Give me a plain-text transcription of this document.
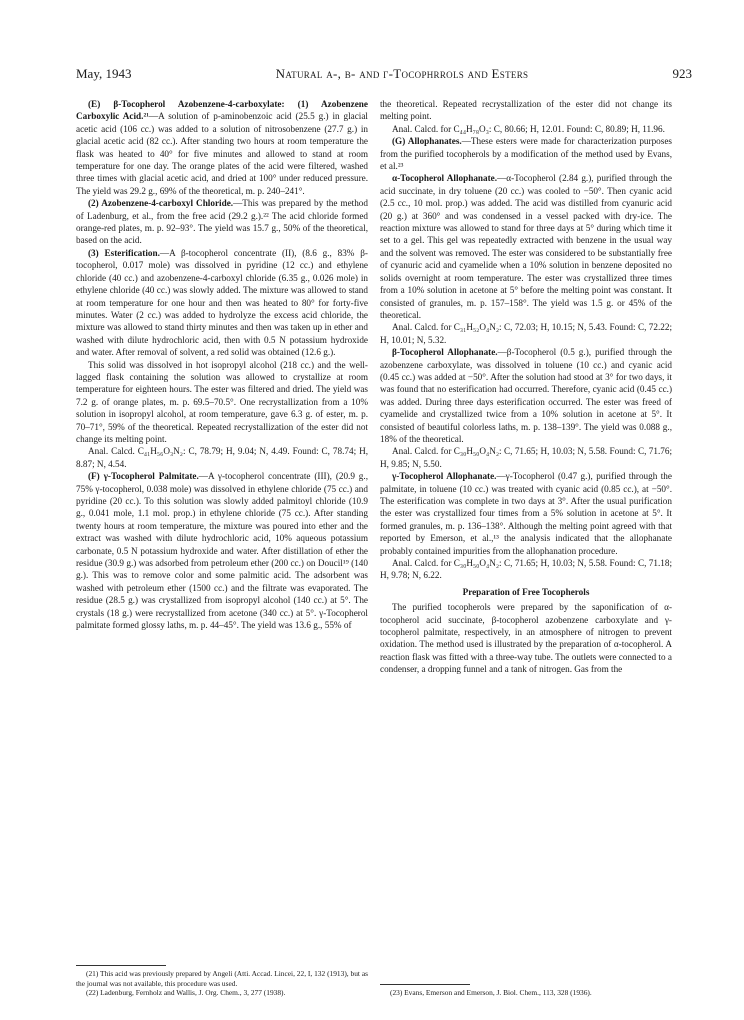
May, 1943	Natural α-, β- and γ-Tocophrrols and Esters	923

(E) β-Tocopherol Azobenzene-4-carboxylate: (1) Azobenzene Carboxylic Acid.²¹—A solution of p-aminobenzoic acid (25.5 g.) in glacial acetic acid (106 cc.) was added to a solution of nitrosobenzene (27.7 g.) in glacial acetic acid (82 cc.). After standing two hours at room temperature the flask was heated to 40° for five minutes and allowed to stand at room temperature for one day. The orange plates of the acid were filtered, washed three times with glacial acetic acid, and dried at 100° under reduced pressure. The yield was 29.2 g., 69% of the theoretical, m. p. 240–241°.

(2) Azobenzene-4-carboxyl Chloride.—This was prepared by the method of Ladenburg, et al., from the free acid (29.2 g.).²² The acid chloride formed orange-red plates, m. p. 92–93°. The yield was 15.7 g., 50% of the theoretical, based on the acid.

(3) Esterification.—A β-tocopherol concentrate (II), (8.6 g., 83% β-tocopherol, 0.017 mole) was dissolved in pyridine (12 cc.) and ethylene chloride (40 cc.) and azobenzene-4-carboxyl chloride (6.35 g., 0.026 mole) in ethylene chloride (40 cc.) was slowly added. The mixture was allowed to stand at room temperature for one hour and then was heated to 80° for forty-five minutes. Water (2 cc.) was added to hydrolyze the excess acid chloride, the mixture was allowed to stand thirty minutes and then was taken up in ether and washed with dilute hydrochloric acid, then with 0.5 N potassium hydroxide and water. After removal of solvent, a red solid was obtained (12.6 g.).

This solid was dissolved in hot isopropyl alcohol (218 cc.) and the well-lagged flask containing the solution was allowed to crystallize at room temperature for eighteen hours. The ester was filtered and dried. The yield was 7.2 g. of orange plates, m. p. 69.5–70.5°. One recrystallization from a 10% solution in isopropyl alcohol, at room temperature, gave 6.3 g. of ester, m. p. 70–71°, 59% of the theoretical. Repeated recrystallization of the ester did not change its melting point.

Anal. Calcd. C₄₁H₅₆O₃N₂: C, 78.79; H, 9.04; N, 4.49. Found: C, 78.74; H, 8.87; N, 4.54.

(F) γ-Tocopherol Palmitate.—A γ-tocopherol concentrate (III), (20.9 g., 75% γ-tocopherol, 0.038 mole) was dissolved in ethylene chloride (75 cc.) and pyridine (20 cc.). To this solution was slowly added palmitoyl chloride (10.9 g., 0.041 mole, 1.1 mol. prop.) in ethylene chloride (75 cc.). After standing twenty hours at room temperature, the mixture was poured into ether and the extract was washed with dilute hydrochloric acid, 10% aqueous potassium carbonate, 0.5 N potassium hydroxide and water. After distillation of ether the residue (30.9 g.) was adsorbed from petroleum ether (200 cc.) on Doucil¹⁹ (140 g.). This was to remove color and some palmitic acid. The adsorbent was washed with petroleum ether (1500 cc.) and the filtrate was evaporated. The residue (28.5 g.) was crystallized from isopropyl alcohol (140 cc.) at 5°. The crystals (18 g.) were recrystallized from acetone (340 cc.) at 5°. γ-Tocopherol palmitate formed glossy laths, m. p. 44–45°. The yield was 13.6 g., 55% of

(21) This acid was previously prepared by Angeli (Atti. Accad. Lincei, 22, I, 132 (1913), but as the journal was not available, this procedure was used.

(22) Ladenburg, Fernholz and Wallis, J. Org. Chem., 3, 277 (1938).

the theoretical. Repeated recrystallization of the ester did not change its melting point.

Anal. Calcd. for C₄₄H₇₈O₃: C, 80.66; H, 12.01. Found: C, 80.89; H, 11.96.

(G) Allophanates.—These esters were made for characterization purposes from the purified tocopherols by a modification of the method used by Evans, et al.²³

α-Tocopherol Allophanate.—α-Tocopherol (2.84 g.), purified through the acid succinate, in dry toluene (20 cc.) was cooled to −50°. Then cyanic acid (2.5 cc., 10 mol. prop.) was added. The acid was distilled from cyanuric acid (20 g.) at 360° and was condensed in a vessel packed with dry-ice. The reaction mixture was allowed to stand for three days at 5° during which time it set to a gel. This gel was repeatedly extracted with benzene in the usual way and the solvent was removed. The ester was considered to be substantially free of cyanuric acid and cyamelide when a 10% solution in benzene deposited no solids overnight at room temperature. The ester was crystallized three times from a 10% solution in acetone at 5° before the melting point was constant. It consisted of granules, m. p. 157–158°. The yield was 1.5 g. or 45% of the theoretical.

Anal. Calcd. for C₃₁H₅₂O₄N₂: C, 72.03; H, 10.15; N, 5.43. Found: C, 72.22; H, 10.01; N, 5.32.

β-Tocopherol Allophanate.—β-Tocopherol (0.5 g.), purified through the azobenzene carboxylate, was dissolved in toluene (10 cc.) and cyanic acid (0.45 cc.) was added at −50°. After the solution had stood at 3° for two days, it was found that no esterification had occurred. Therefore, cyanic acid (0.45 cc.) was added. During three days esterification occurred. The ester was freed of cyamelide and crystallized twice from a 10% solution in acetone at 5°. It consisted of beautiful colorless laths, m. p. 138–139°. The yield was 0.088 g., 18% of the theoretical.

Anal. Calcd. for C₃₀H₅₀O₄N₂: C, 71.65; H, 10.03; N, 5.58. Found: C, 71.76; H, 9.85; N, 5.50.

γ-Tocopherol Allophanate.—γ-Tocopherol (0.47 g.), purified through the palmitate, in toluene (10 cc.) was treated with cyanic acid (0.85 cc.), at −50°. The esterification was complete in two days at 3°. After the usual purification the ester was crystallized four times from a 5% solution in acetone at 5°. It formed granules, m. p. 136–138°. Although the melting point agreed with that reported by Emerson, et al.,¹³ the analysis indicated that the allophanate probably contained impurities from the allophanation procedure.

Anal. Calcd. for C₃₀H₅₀O₄N₂: C, 71.65; H, 10.03; N, 5.58. Found: C, 71.18; H, 9.78; N, 6.22.

Preparation of Free Tocopherols

The purified tocopherols were prepared by the saponification of α-tocopherol acid succinate, β-tocopherol azobenzene carboxylate and γ-tocopherol palmitate, respectively, in an atmosphere of nitrogen to prevent oxidation. The method used is illustrated by the preparation of α-tocopherol. A reaction flask was fitted with a three-way tube. The outlets were connected to a condenser, a dropping funnel and a tank of nitrogen. Gas from the

(23) Evans, Emerson and Emerson, J. Biol. Chem., 113, 328 (1936).
